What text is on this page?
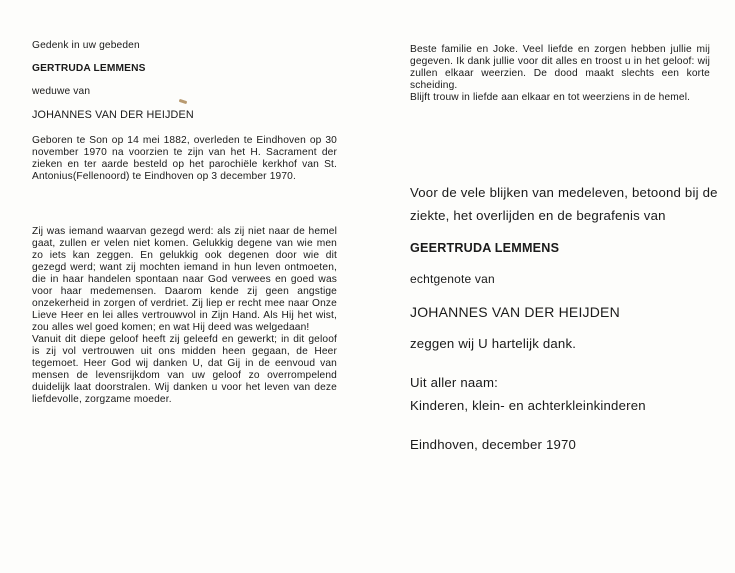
Gedenk in uw gebeden

GERTRUDA LEMMENS

weduwe van

JOHANNES VAN DER HEIJDEN

Geboren te Son op 14 mei 1882, overleden te Eindhoven op 30 november 1970 na voorzien te zijn van het H. Sacrament der zieken en ter aarde besteld op het parochiële kerkhof van St. Antonius(Fellenoord) te Eindhoven op 3 december 1970.

Zij was iemand waarvan gezegd werd: als zij niet naar de hemel gaat, zullen er velen niet komen. Gelukkig degene van wie men zo iets kan zeggen. En gelukkig ook degenen door wie dit gezegd werd; want zij mochten iemand in hun leven ontmoeten, die in haar handelen spontaan naar God verwees en goed was voor haar medemensen. Daarom kende zij geen angstige onzekerheid in zorgen of verdriet. Zij liep er recht mee naar Onze Lieve Heer en lei alles vertrouwvol in Zijn Hand. Als Hij het wist, zou alles wel goed komen; en wat Hij deed was welgedaan!

Vanuit dit diepe geloof heeft zij geleefd en gewerkt; in dit geloof is zij vol vertrouwen uit ons midden heen gegaan, de Heer tegemoet. Heer God wij danken U, dat Gij in de eenvoud van mensen de levensrijkdom van uw geloof zo overrompelend duidelijk laat doorstralen. Wij danken u voor het leven van deze liefdevolle, zorgzame moeder.

Beste familie en Joke. Veel liefde en zorgen hebben jullie mij gegeven. Ik dank jullie voor dit alles en troost u in het geloof: wij zullen elkaar weerzien. De dood maakt slechts een korte scheiding.

Blijft trouw in liefde aan elkaar en tot weerziens in de hemel.

Voor de vele blijken van medeleven, betoond bij de ziekte, het overlijden en de begrafenis van

GEERTRUDA LEMMENS

echtgenote van

JOHANNES VAN DER HEIJDEN

zeggen wij U hartelijk dank.

Uit aller naam:

Kinderen, klein- en achterkleinkinderen

Eindhoven, december 1970
